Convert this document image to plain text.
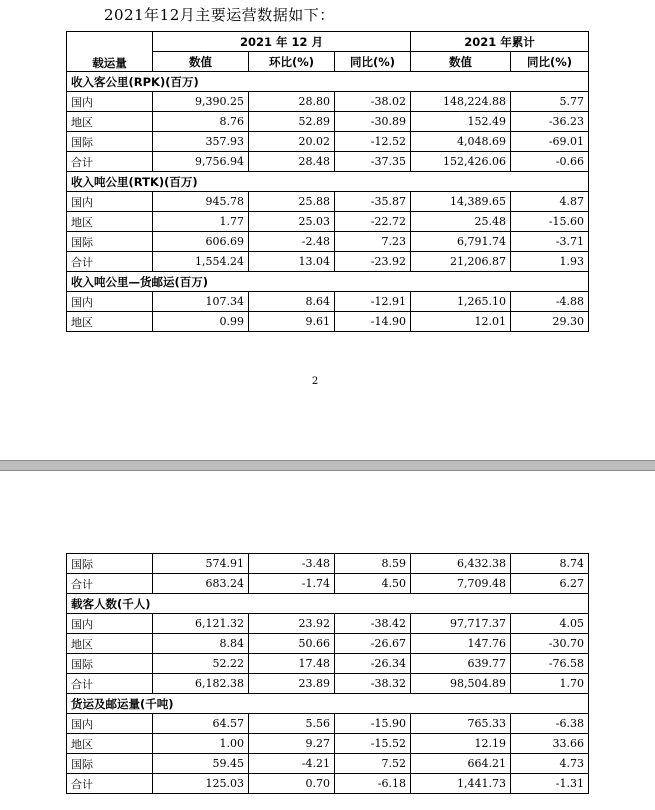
2021年12月主要运营数据如下：
载运量	2021 年 12 月			2021 年累计	
	数值	环比(%)	同比(%)	数值	同比(%)
收入客公里(RPK)(百万)					
国内	9,390.25	28.80	-38.02	148,224.88	5.77
地区	8.76	52.89	-30.89	152.49	-36.23
国际	357.93	20.02	-12.52	4,048.69	-69.01
合计	9,756.94	28.48	-37.35	152,426.06	-0.66
收入吨公里(RTK)(百万)					
国内	945.78	25.88	-35.87	14,389.65	4.87
地区	1.77	25.03	-22.72	25.48	-15.60
国际	606.69	-2.48	7.23	6,791.74	-3.71
合计	1,554.24	13.04	-23.92	21,206.87	1.93
收入吨公里—货邮运(百万)					
国内	107.34	8.64	-12.91	1,265.10	-4.88
地区	0.99	9.61	-14.90	12.01	29.30
2
国际	574.91	-3.48	8.59	6,432.38	8.74
合计	683.24	-1.74	4.50	7,709.48	6.27
载客人数(千人)					
国内	6,121.32	23.92	-38.42	97,717.37	4.05
地区	8.84	50.66	-26.67	147.76	-30.70
国际	52.22	17.48	-26.34	639.77	-76.58
合计	6,182.38	23.89	-38.32	98,504.89	1.70
货运及邮运量(千吨)					
国内	64.57	5.56	-15.90	765.33	-6.38
地区	1.00	9.27	-15.52	12.19	33.66
国际	59.45	-4.21	7.52	664.21	4.73
合计	125.03	0.70	-6.18	1,441.73	-1.31
